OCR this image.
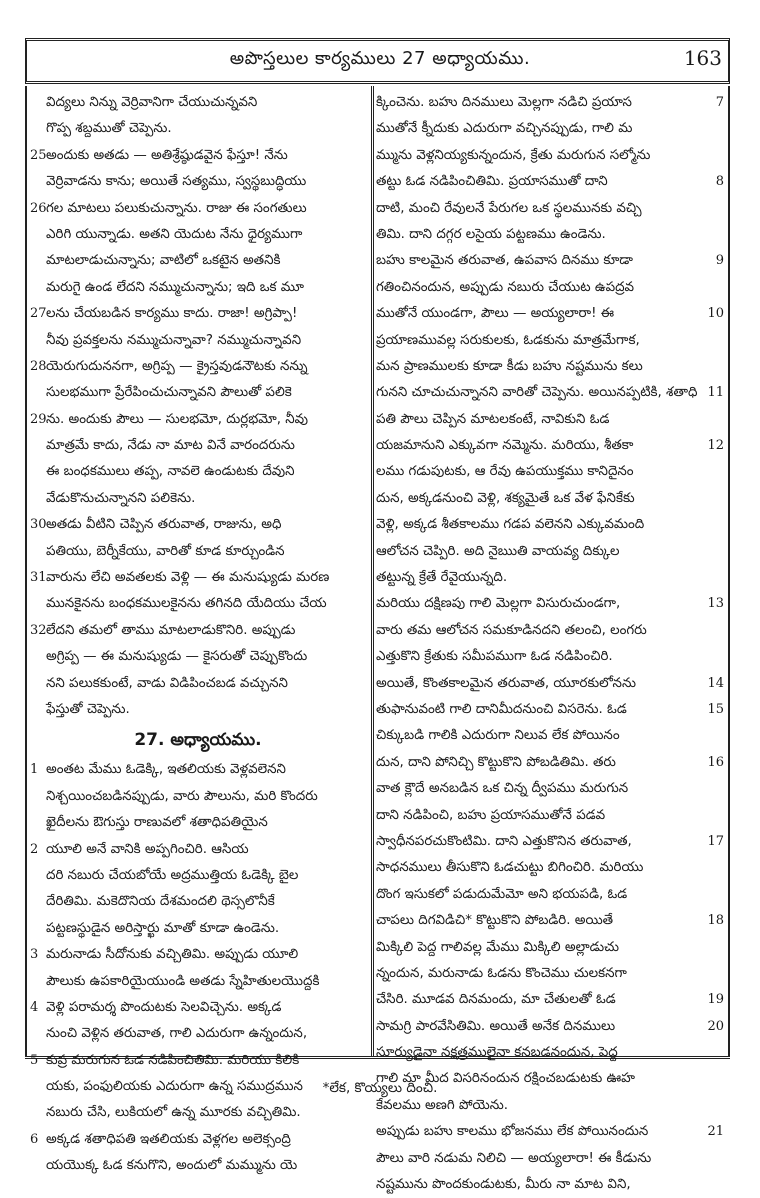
అపొస్తలుల కార్యములు 27 అధ్యాయము.	163
విద్యలు నిన్ను వెర్రివానిగా చేయుచున్నవని
గొప్ప శబ్దముతో చెప్పెను.
25అందుకు అతడు — అతిశ్రేష్ఠుడవైన ఫేస్తూ! నేను
వెర్రివాడను కాను; అయితే సత్యము, స్వస్థబుద్ధియు
26గల మాటలు పలుకుచున్నాను. రాజు ఈ సంగతులు
ఎరిగి యున్నాడు. అతని యెదుట నేను ధైర్యముగా
మాటలాడుచున్నాను; వాటిలో ఒకటైన అతనికి
మరుగై ఉండ లేదని నమ్ముచున్నాను; ఇది ఒక మూ
27లను చేయబడిన కార్యము కాదు. రాజా! అగ్రిప్పా!
నీవు ప్రవక్తలను నమ్ముచున్నావా? నమ్ముచున్నావని
28యెరుగుదుననగా, అగ్రిప్ప — క్రైస్తవుడనౌటకు నన్ను
సులభముగా ప్రేరేపించుచున్నావని పౌలుతో పలికె
29ను. అందుకు పౌలు — సులభమో, దుర్లభమో, నీవు
మాత్రమే కాదు, నేడు నా మాట వినే వారందరును
ఈ బంధకములు తప్ప, నావలె ఉండుటకు దేవుని
వేడుకొనుచున్నానని పలికెను.
30అతడు వీటిని చెప్పిన తరువాత, రాజును, అధి
పతియు, బెర్నీకేయు, వారితో కూడ కూర్చుండిన
31వారును లేచి అవతలకు వెళ్లి — ఈ మనుష్యుడు మరణ
మునకైనను బంధకములకైనను తగినది యేదియు చేయ
32లేదని తమలో తాము మాటలాడుకొనిరి. అప్పుడు
అగ్రిప్ప — ఈ మనుష్యుడు — కైసరుతో చెప్పుకొందు
నని పలుకకుంటే, వాడు విడిపించబడ వచ్చునని
ఫేస్తుతో చెప్పెను.
27. అధ్యాయము.
1 అంతట మేము ఓడెక్కి, ఇతలియకు వెళ్లవలెనని
నిశ్చయించబడినప్పుడు, వారు పౌలును, మరి కొందరు
ఖైదీలను ఔగుస్తు రాణువలో శతాధిపతియైన
2 యూలి అనే వానికి అప్పగించిరి. ఆసియ
దరి నబురు చేయబోయే అద్రముత్తియ ఓడెక్కి బైల
దేరితిమి. మకెదొనియ దేశమందలి థెస్సలొనీకే
పట్టణస్థుడైన అరిస్తార్ఖు మాతో కూడా ఉండెను.
3 మరునాడు సీదోనుకు వచ్చితిమి. అప్పుడు యూలి
పౌలుకు ఉపకారియైయుండి అతడు స్నేహితులయొద్దకి
4 వెళ్లి పరామర్శ పొందుటకు సెలవిచ్చెను. అక్కడ
నుంచి వెళ్లిన తరువాత, గాలి ఎదురుగా ఉన్నందున,
5 కుప్ర మరుగున ఓడ నడిపించితిమి. మరియు కిలికి
యకు, పంఫులియకు ఎదురుగా ఉన్న సముద్రమున
నబురు చేసి, లుకియలో ఉన్న మూరకు వచ్చితిమి.
6 అక్కడ శతాధిపతి ఇతలియకు వెళ్లగల అలెక్సంద్రి
యయొక్క ఓడ కనుగొని, అందులో మమ్మును యె
క్కించెను. బహు దినములు మెల్లగా నడిచి ప్రయాస	7
ముతోనే క్నీదుకు ఎదురుగా వచ్చినప్పుడు, గాలి మ
మ్మును వెళ్లనియ్యకున్నందున, క్రేతు మరుగున సల్మోను
తట్టు ఓడ నడిపించితిమి. ప్రయాసముతో దాని	8
దాటి, మంచి రేవులనే పేరుగల ఒక స్థలమునకు వచ్చి
తిమి. దాని దగ్గర లసైయ పట్టణము ఉండెను.
బహు కాలమైన తరువాత, ఉపవాస దినము కూడా	9
గతించినందున, అప్పుడు నబురు చేయుట ఉపద్రవ
ముతోనే యుండగా, పౌలు — అయ్యలారా! ఈ	10
ప్రయాణమువల్ల సరుకులకు, ఓడకును మాత్రమేగాక,
మన ప్రాణములకు కూడా కీడు బహు నష్టమును కలు
గునని చూచుచున్నానని వారితో చెప్పెను. అయినప్పటికి, శతాధి 11
పతి పౌలు చెప్పిన మాటలకంటే, నావికుని ఓడ
యజమానుని ఎక్కువగా నమ్మెను. మరియు, శీతకా	12
లము గడుపుటకు, ఆ రేవు ఉపయుక్తము కానిదైనం
దున, అక్కడనుంచి వెళ్లి, శక్యమైతే ఒక వేళ ఫేనికేకు
వెళ్లి, అక్కడ శీతకాలము గడప వలెనని ఎక్కువమంది
ఆలోచన చెప్పిరి. అది నైఋతి వాయవ్య దిక్కుల
తట్టున్న క్రేతే రేవైయున్నది.
మరియు దక్షిణపు గాలి మెల్లగా విసురుచుండగా,	13
వారు తమ ఆలోచన సమకూడినదని తలంచి, లంగరు
ఎత్తుకొని క్రేతుకు సమీపముగా ఓడ నడిపించిరి.
అయితే, కొంతకాలమైన తరువాత, యూరకులోనను	14
తుఫానువంటి గాలి దానిమీదనుంచి విసరెను. ఓడ	15
చిక్కుబడి గాలికి ఎదురుగా నిలువ లేక పోయినం
దున, దాని పోనిచ్చి కొట్టుకొని పోబడితిమి. తరు	16
వాత క్లౌదే అనబడిన ఒక చిన్న ద్వీపము మరుగున
దాని నడిపించి, బహు ప్రయాసముతోనే పడవ
స్వాధీనపరచుకొంటిమి. దాని ఎత్తుకొనిన తరువాత,	17
సాధనములు తీసుకొని ఓడచుట్టు బిగించిరి. మరియు
దొంగ ఇసుకలో పడుదుమేమో అని భయపడి, ఓడ
చాపలు దిగవిడిచి* కొట్టుకొని పోబడిరి. అయితే	18
మిక్కిలి పెద్ద గాలివల్ల మేము మిక్కిలి అల్లాడుచు
న్నందున, మరునాడు ఓడను కొంచెము చులకనగా
చేసిరి. మూడవ దినమందు, మా చేతులతో ఓడ	19
సామగ్రి పారవేసితిమి. అయితే అనేక దినములు	20
సూర్యుడైనా నక్షత్రములైనా కనబడనందున, పెద్ద
గాలి మా మీద విసరినందున రక్షించబడుటకు ఊహ
కేవలము అణగి పోయెను.
అప్పుడు బహు కాలము భోజనము లేక పోయినందున	21
పౌలు వారి నడుమ నిలిచి — అయ్యలారా! ఈ కీడును
నష్టమును పొందకుండుటకు, మీరు నా మాట విని,
*లేక, కొయ్యలు దించి.
